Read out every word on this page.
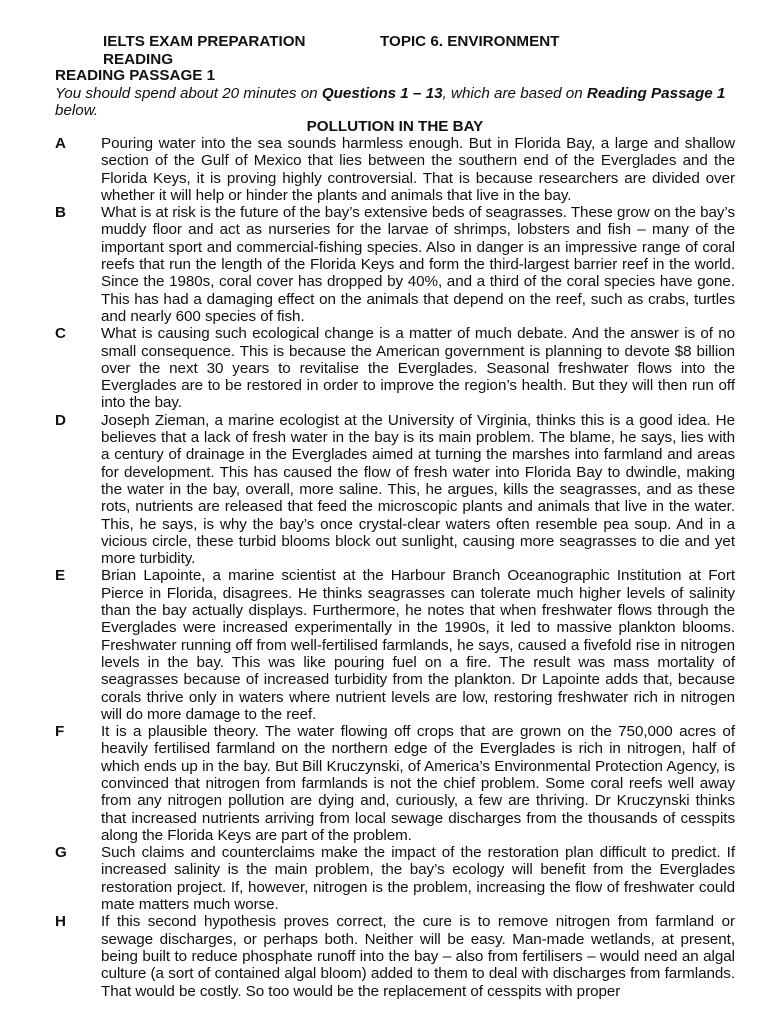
IELTS EXAM PREPARATION
READING
TOPIC 6. ENVIRONMENT
READING PASSAGE 1
You should spend about 20 minutes on Questions 1 – 13, which are based on Reading Passage 1 below.
POLLUTION IN THE BAY
A	Pouring water into the sea sounds harmless enough. But in Florida Bay, a large and shallow section of the Gulf of Mexico that lies between the southern end of the Everglades and the Florida Keys, it is proving highly controversial. That is because researchers are divided over whether it will help or hinder the plants and animals that live in the bay.
B	What is at risk is the future of the bay’s extensive beds of seagrasses. These grow on the bay’s muddy floor and act as nurseries for the larvae of shrimps, lobsters and fish – many of the important sport and commercial-fishing species. Also in danger is an impressive range of coral reefs that run the length of the Florida Keys and form the third-largest barrier reef in the world. Since the 1980s, coral cover has dropped by 40%, and a third of the coral species have gone. This has had a damaging effect on the animals that depend on the reef, such as crabs, turtles and nearly 600 species of fish.
C	What is causing such ecological change is a matter of much debate. And the answer is of no small consequence. This is because the American government is planning to devote $8 billion over the next 30 years to revitalise the Everglades. Seasonal freshwater flows into the Everglades are to be restored in order to improve the region’s health. But they will then run off into the bay.
D	Joseph Zieman, a marine ecologist at the University of Virginia, thinks this is a good idea. He believes that a lack of fresh water in the bay is its main problem. The blame, he says, lies with a century of drainage in the Everglades aimed at turning the marshes into farmland and areas for development. This has caused the flow of fresh water into Florida Bay to dwindle, making the water in the bay, overall, more saline. This, he argues, kills the seagrasses, and as these rots, nutrients are released that feed the microscopic plants and animals that live in the water. This, he says, is why the bay’s once crystal-clear waters often resemble pea soup. And in a vicious circle, these turbid blooms block out sunlight, causing more seagrasses to die and yet more turbidity.
E	Brian Lapointe, a marine scientist at the Harbour Branch Oceanographic Institution at Fort Pierce in Florida, disagrees. He thinks seagrasses can tolerate much higher levels of salinity than the bay actually displays. Furthermore, he notes that when freshwater flows through the Everglades were increased experimentally in the 1990s, it led to massive plankton blooms. Freshwater running off from well-fertilised farmlands, he says, caused a fivefold rise in nitrogen levels in the bay. This was like pouring fuel on a fire. The result was mass mortality of seagrasses because of increased turbidity from the plankton. Dr Lapointe adds that, because corals thrive only in waters where nutrient levels are low, restoring freshwater rich in nitrogen will do more damage to the reef.
F	It is a plausible theory. The water flowing off crops that are grown on the 750,000 acres of heavily fertilised farmland on the northern edge of the Everglades is rich in nitrogen, half of which ends up in the bay. But Bill Kruczynski, of America’s Environmental Protection Agency, is convinced that nitrogen from farmlands is not the chief problem. Some coral reefs well away from any nitrogen pollution are dying and, curiously, a few are thriving. Dr Kruczynski thinks that increased nutrients arriving from local sewage discharges from the thousands of cesspits along the Florida Keys are part of the problem.
G	Such claims and counterclaims make the impact of the restoration plan difficult to predict. If increased salinity is the main problem, the bay’s ecology will benefit from the Everglades restoration project. If, however, nitrogen is the problem, increasing the flow of freshwater could mate matters much worse.
H	If this second hypothesis proves correct, the cure is to remove nitrogen from farmland or sewage discharges, or perhaps both. Neither will be easy. Man-made wetlands, at present, being built to reduce phosphate runoff into the bay – also from fertilisers – would need an algal culture (a sort of contained algal bloom) added to them to deal with discharges from farmlands. That would be costly. So too would be the replacement of cesspits with proper
